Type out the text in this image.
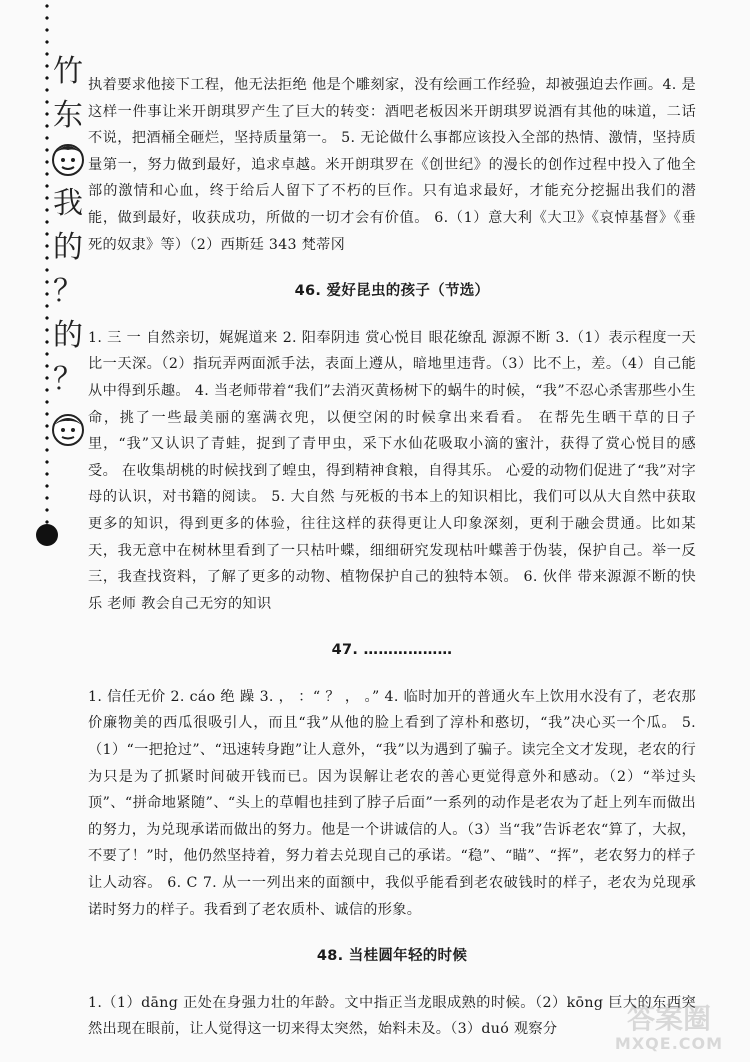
竹
东
我
的
？
的
？

执着要求他接下工程，他无法拒绝 他是个雕刻家，没有绘画工作经验，却被强迫去作画。4. 是这样一件事让米开朗琪罗产生了巨大的转变：酒吧老板因米开朗琪罗说酒有其他的味道，二话不说，把酒桶全砸烂，坚持质量第一。 5. 无论做什么事都应该投入全部的热情、激情，坚持质量第一，努力做到最好，追求卓越。米开朗琪罗在《创世纪》的漫长的创作过程中投入了他全部的激情和心血，终于给后人留下了不朽的巨作。只有追求最好，才能充分挖掘出我们的潜能，做到最好，收获成功，所做的一切才会有价值。 6.（1）意大利《大卫》《哀悼基督》《垂死的奴隶》等）（2）西斯廷 343 梵蒂冈

46. 爱好昆虫的孩子（节选）

1. 三 一 自然亲切，娓娓道来 2. 阳奉阴违 赏心悦目 眼花缭乱 源源不断 3.（1）表示程度一天比一天深。（2）指玩弄两面派手法，表面上遵从，暗地里违背。（3）比不上，差。（4）自己能从中得到乐趣。 4. 当老师带着“我们”去消灭黄杨树下的蜗牛的时候，“我”不忍心杀害那些小生命，挑了一些最美丽的塞满衣兜，以便空闲的时候拿出来看看。 在帮先生晒干草的日子里，“我”又认识了青蛙，捉到了青甲虫，采下水仙花吸取小滴的蜜汁，获得了赏心悦目的感受。 在收集胡桃的时候找到了蝗虫，得到精神食粮，自得其乐。 心爱的动物们促进了“我”对字母的认识，对书籍的阅读。 5. 大自然 与死板的书本上的知识相比，我们可以从大自然中获取更多的知识，得到更多的体验，往往这样的获得更让人印象深刻，更利于融会贯通。比如某天，我无意中在树林里看到了一只枯叶蝶，细细研究发现枯叶蝶善于伪装，保护自己。举一反三，我查找资料，了解了更多的动物、植物保护自己的独特本领。 6. 伙伴 带来源源不断的快乐 老师 教会自己无穷的知识

47. ………………

1. 信任无价 2. cáo 绝 躁 3. ， ：“ ？ ， 。” 4. 临时加开的普通火车上饮用水没有了，老农那价廉物美的西瓜很吸引人，而且“我”从他的脸上看到了淳朴和憨切，“我”决心买一个瓜。 5.（1）“一把抢过”、“迅速转身跑”让人意外，“我”以为遇到了骗子。读完全文才发现，老农的行为只是为了抓紧时间破开钱而已。因为误解让老农的善心更觉得意外和感动。（2）“举过头顶”、“拼命地紧随”、“头上的草帽也挂到了脖子后面”一系列的动作是老农为了赶上列车而做出的努力，为兑现承诺而做出的努力。他是一个讲诚信的人。（3）当“我”告诉老农“算了，大叔，不要了！”时，他仍然坚持着，努力着去兑现自己的承诺。“稳”、“瞄”、“挥”，老农努力的样子让人动容。 6. C 7. 从一一列出来的面额中，我似乎能看到老农破钱时的样子，老农为兑现承诺时努力的样子。我看到了老农质朴、诚信的形象。

48. 当桂圆年轻的时候

1.（1）dāng 正处在身强力壮的年龄。文中指正当龙眼成熟的时候。（2）kōng 巨大的东西突然出现在眼前，让人觉得这一切来得太突然，始料未及。（3）duó 观察分	答案圈
MXQE.COM
